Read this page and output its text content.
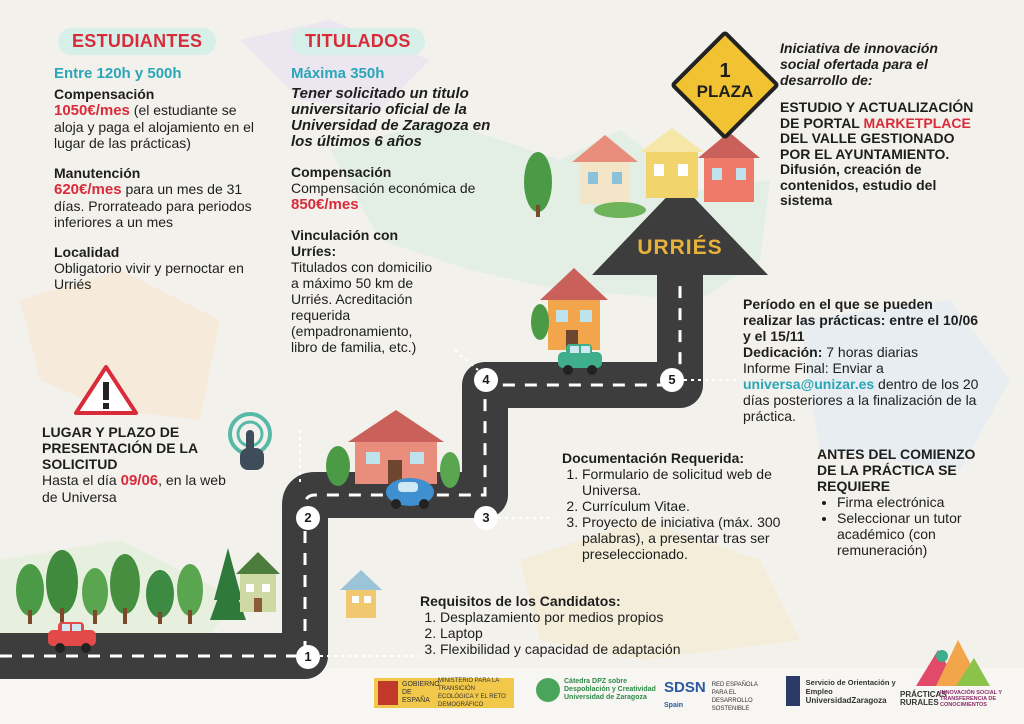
1
2	3
4	5
URRIÉS
1
PLAZA
ESTUDIANTES
Entre 120h y 500h
Compensación
1050€/mes (el estudiante se aloja y paga el alojamiento en el lugar de las prácticas)
Manutención
620€/mes para un mes de 31 días. Prorrateado para periodos inferiores a un mes
Localidad
Obligatorio vivir y pernoctar en Urriés
TITULADOS
Máxima 350h
Tener solicitado un titulo universitario oficial de la Universidad de Zaragoza en los últimos 6 años
Compensación
Compensación económica de 850€/mes
Vinculación con Urríes:
Titulados con domicilio a máximo 50 km de Urriés. Acreditación requerida (empadronamiento, libro de familia, etc.)
Iniciativa de innovación social ofertada para el desarrollo de:
ESTUDIO Y ACTUALIZACIÓN DE PORTAL MARKETPLACE DEL VALLE GESTIONADO POR EL AYUNTAMIENTO. Difusión, creación de contenidos, estudio del sistema
Período en el que se pueden realizar las prácticas: entre el 10/06 y el 15/11
Dedicación: 7 horas diarias
Informe Final: Enviar a
universa@unizar.es dentro de los 20 días posteriores a la finalización de la práctica.
LUGAR Y PLAZO DE PRESENTACIÓN DE LA SOLICITUD
Hasta el día 09/06, en la web de Universa
Documentación Requerida:
1. Formulario de solicitud web de Universa.
2. Currículum Vitae.
3. Proyecto de iniciativa (máx. 300 palabras), a presentar tras ser preseleccionado.
ANTES DEL COMIENZO DE LA PRÁCTICA SE REQUIERE
• Firma electrónica
• Seleccionar un tutor académico (con remuneración)
Requisitos de los Candidatos:
1. Desplazamiento por medios propios
2. Laptop
3. Flexibilidad y capacidad de adaptación
GOBIERNO DE ESPAÑA
MINISTERIO PARA LA TRANSICIÓN ECOLÓGICA Y EL RETO DEMOGRÁFICO
Cátedra DPZ sobre Despoblación y Creatividad Universidad de Zaragoza
SDSN
Spain
RED ESPAÑOLA PARA EL DESARROLLO SOSTENIBLE
Servicio de Orientación y Empleo
UniversidadZaragoza
PRÁCTICAS RURALES
INNOVACIÓN SOCIAL Y TRANSFERENCIA DE CONOCIMIENTOS
